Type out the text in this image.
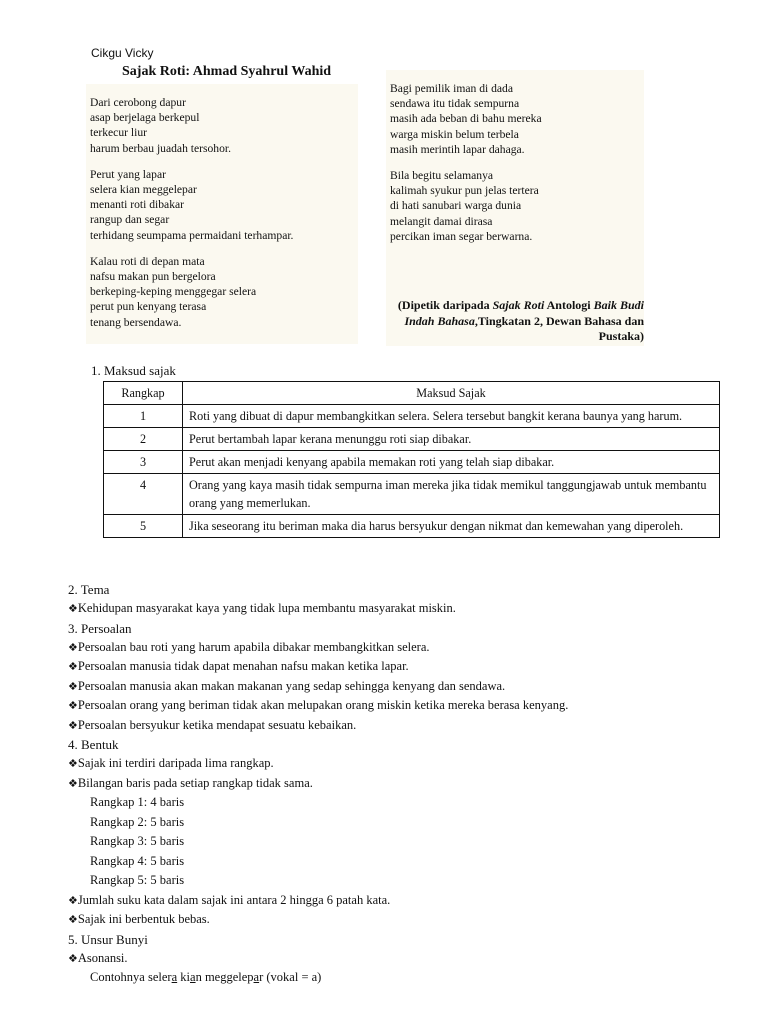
Cikgu Vicky
Sajak Roti: Ahmad Syahrul Wahid
Dari cerobong dapur
asap berjelaga berkepul
terkecur liur
harum berbau juadah tersohor.
Perut yang lapar
selera kian meggelepar
menanti roti dibakar
rangup dan segar
terhidang seumpama permaidani terhampar.
Kalau roti di depan mata
nafsu makan pun bergelora
berkeping-keping menggegar selera
perut pun kenyang terasa
tenang bersendawa.
Bagi pemilik iman di dada
sendawa itu tidak sempurna
masih ada beban di bahu mereka
warga miskin belum terbela
masih merintih lapar dahaga.
Bila begitu selamanya
kalimah syukur pun jelas tertera
di hati sanubari warga dunia
melangit damai dirasa
percikan iman segar berwarna.
(Dipetik daripada Sajak Roti Antologi Baik Budi Indah Bahasa,Tingkatan 2, Dewan Bahasa dan Pustaka)
1. Maksud sajak
Rangkap	Maksud Sajak
1	Roti yang dibuat di dapur membangkitkan selera. Selera tersebut bangkit kerana baunya yang harum.
2	Perut bertambah lapar kerana menunggu roti siap dibakar.
3	Perut akan menjadi kenyang apabila memakan roti yang telah siap dibakar.
4	Orang yang kaya masih tidak sempurna iman mereka jika tidak memikul tanggungjawab untuk membantu orang yang memerlukan.
5	Jika seseorang itu beriman maka dia harus bersyukur dengan nikmat dan kemewahan yang diperoleh.
2. Tema
❖Kehidupan masyarakat kaya yang tidak lupa membantu masyarakat miskin.
3. Persoalan
❖Persoalan bau roti yang harum apabila dibakar membangkitkan selera.
❖Persoalan manusia tidak dapat menahan nafsu makan ketika lapar.
❖Persoalan manusia akan makan makanan yang sedap sehingga kenyang dan sendawa.
❖Persoalan orang yang beriman tidak akan melupakan orang miskin ketika mereka berasa kenyang.
❖Persoalan bersyukur ketika mendapat sesuatu kebaikan.
4. Bentuk
❖Sajak ini terdiri daripada lima rangkap.
❖Bilangan baris pada setiap rangkap tidak sama.
Rangkap 1: 4 baris
Rangkap 2: 5 baris
Rangkap 3: 5 baris
Rangkap 4: 5 baris
Rangkap 5: 5 baris
❖Jumlah suku kata dalam sajak ini antara 2 hingga 6 patah kata.
❖Sajak ini berbentuk bebas.
5. Unsur Bunyi
❖Asonansi.
Contohnya selera kian meggelepar (vokal = a)
